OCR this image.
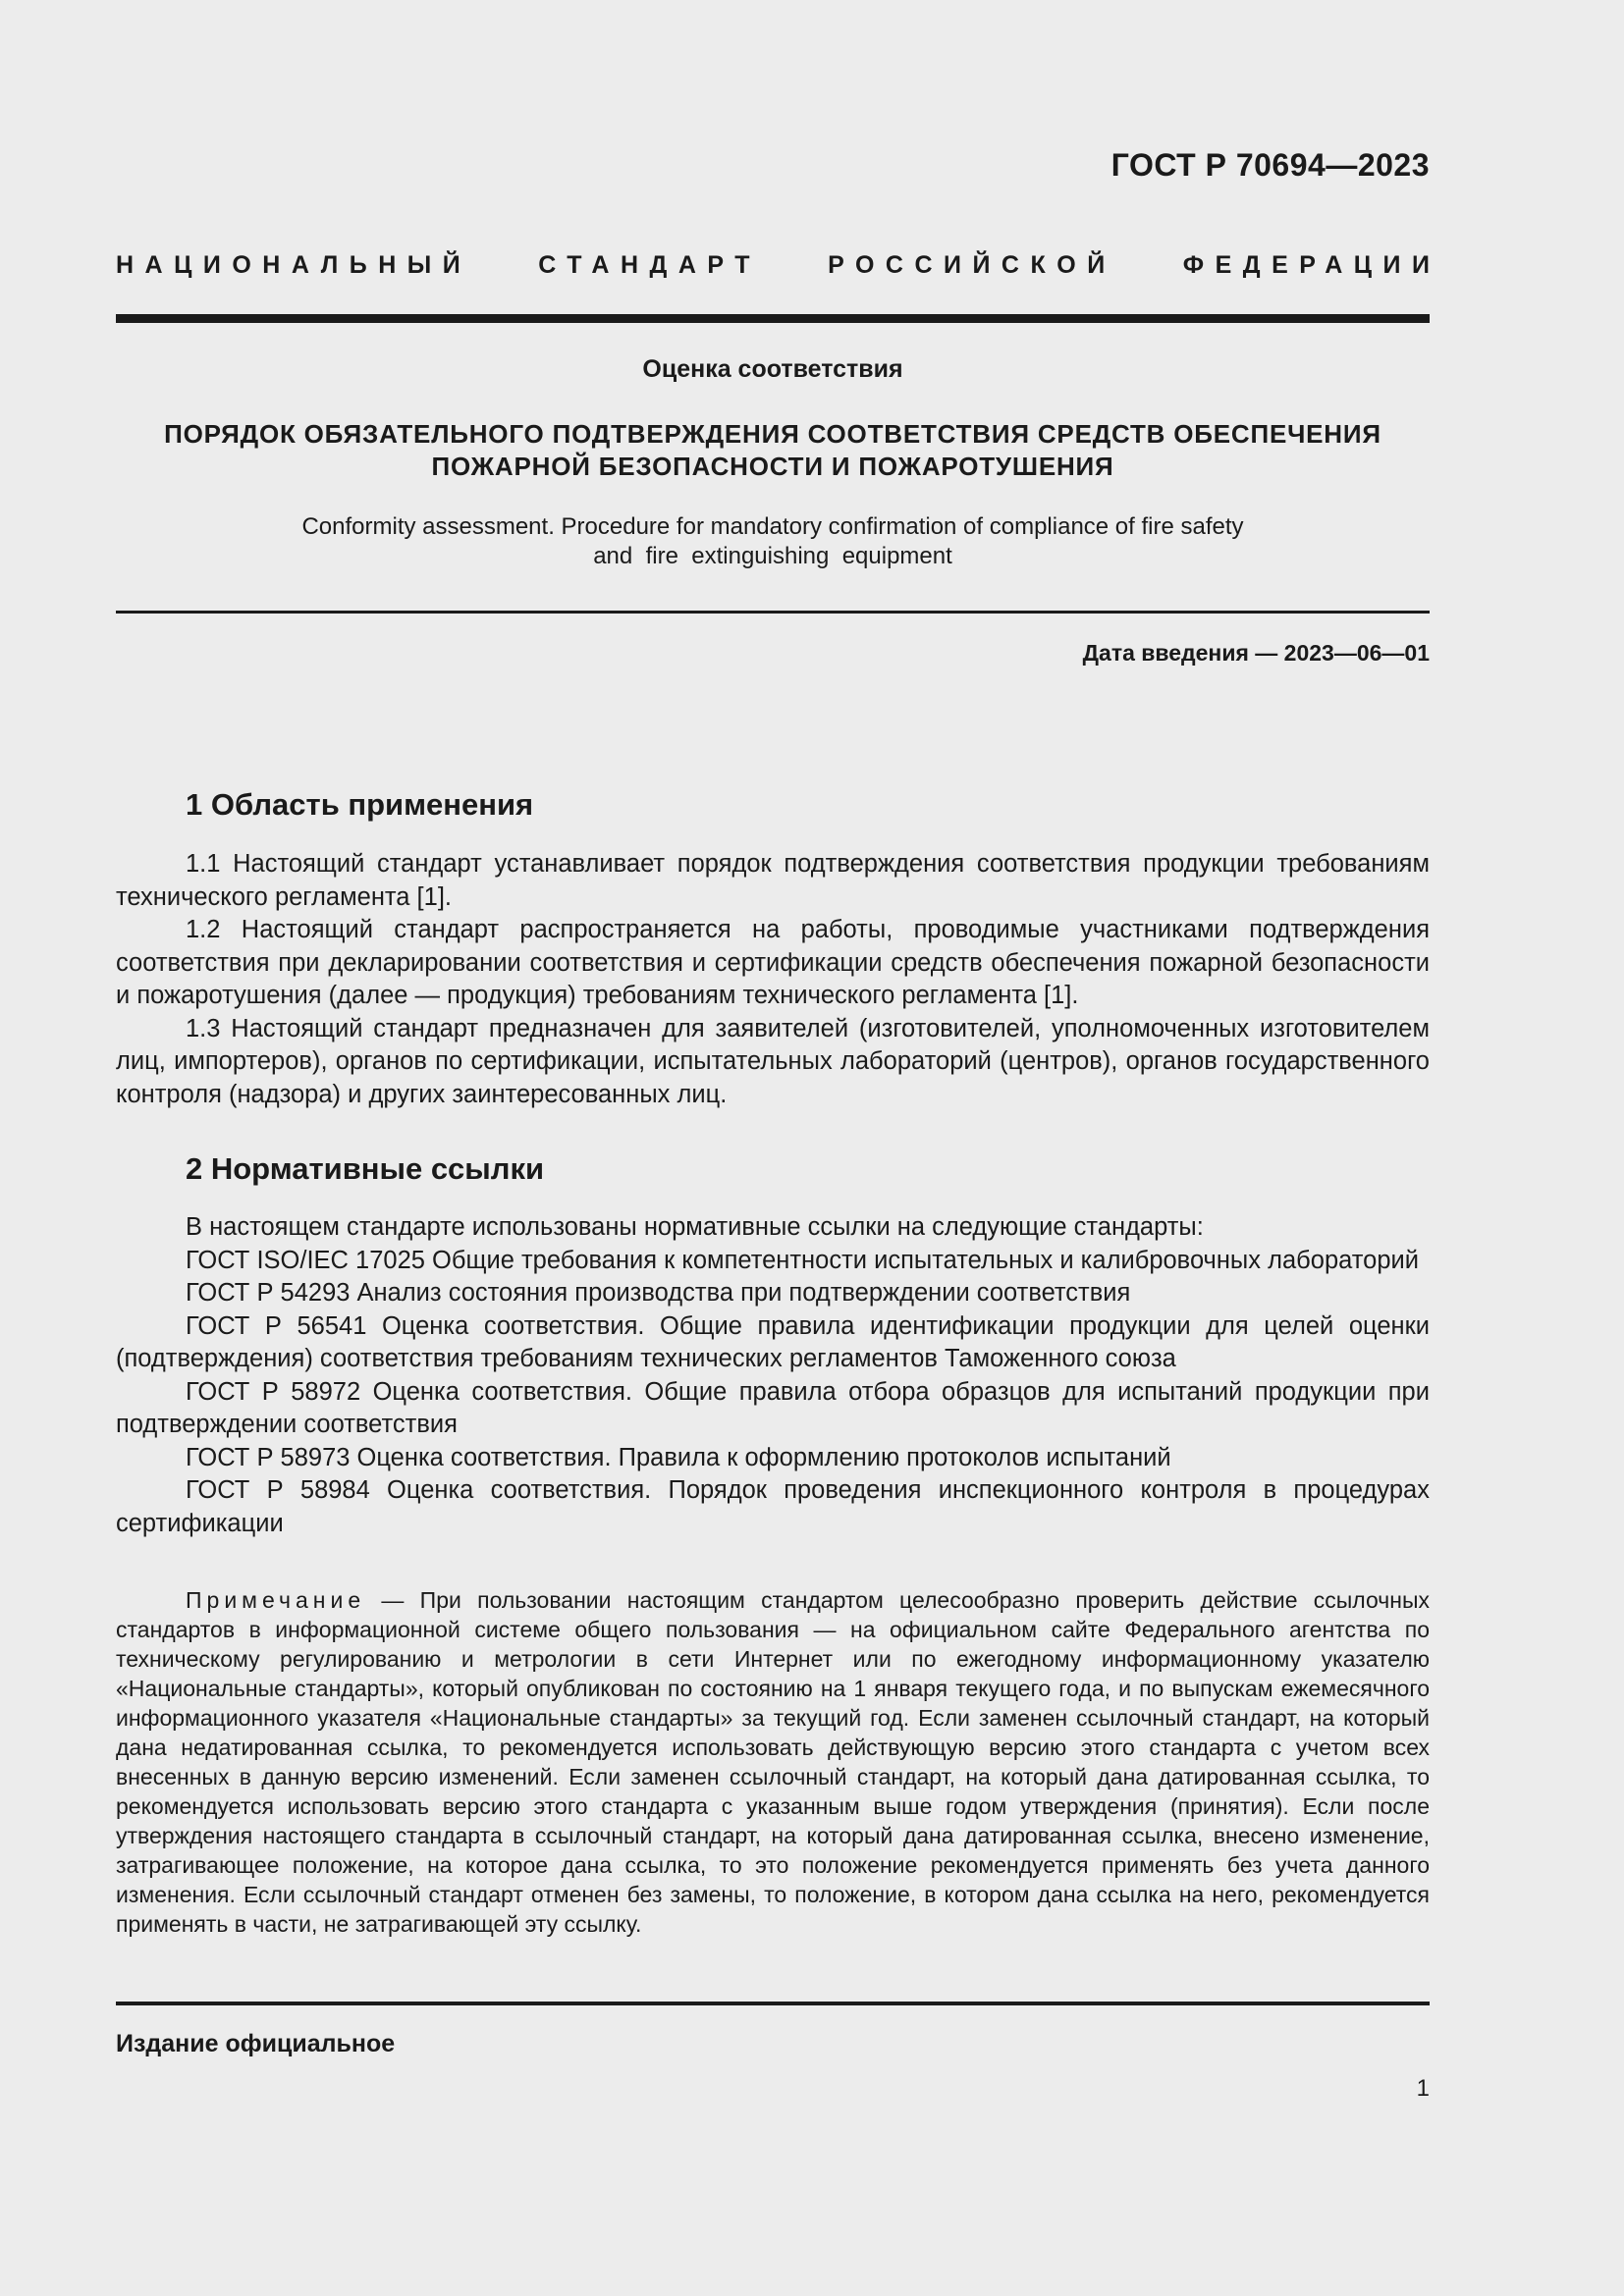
ГОСТ Р 70694—2023
НАЦИОНАЛЬНЫЙ	СТАНДАРТ	РОССИЙСКОЙ	ФЕДЕРАЦИИ
Оценка соответствия
ПОРЯДОК ОБЯЗАТЕЛЬНОГО ПОДТВЕРЖДЕНИЯ СООТВЕТСТВИЯ СРЕДСТВ ОБЕСПЕЧЕНИЯ
ПОЖАРНОЙ БЕЗОПАСНОСТИ И ПОЖАРОТУШЕНИЯ
Conformity assessment. Procedure for mandatory confirmation of compliance of fire safety
and  fire  extinguishing  equipment
Дата введения — 2023—06—01
1 Область применения

1.1 Настоящий стандарт устанавливает порядок подтверждения соответствия продукции требованиям технического регламента [1].

1.2 Настоящий стандарт распространяется на работы, проводимые участниками подтверждения соответствия при декларировании соответствия и сертификации средств обеспечения пожарной безопасности и пожаротушения (далее — продукция) требованиям технического регламента [1].

1.3 Настоящий стандарт предназначен для заявителей (изготовителей, уполномоченных изготовителем лиц, импортеров), органов по сертификации, испытательных лабораторий (центров), органов государственного контроля (надзора) и других заинтересованных лиц.

2 Нормативные ссылки

В настоящем стандарте использованы нормативные ссылки на следующие стандарты:

ГОСТ ISO/IEC 17025 Общие требования к компетентности испытательных и калибровочных лабораторий

ГОСТ Р 54293 Анализ состояния производства при подтверждении соответствия

ГОСТ Р 56541 Оценка соответствия. Общие правила идентификации продукции для целей оценки (подтверждения) соответствия требованиям технических регламентов Таможенного союза

ГОСТ Р 58972 Оценка соответствия. Общие правила отбора образцов для испытаний продукции при подтверждении соответствия

ГОСТ Р 58973 Оценка соответствия. Правила к оформлению протоколов испытаний

ГОСТ Р 58984 Оценка соответствия. Порядок проведения инспекционного контроля в процедурах сертификации

Примечание — При пользовании настоящим стандартом целесообразно проверить действие ссылочных стандартов в информационной системе общего пользования — на официальном сайте Федерального агентства по техническому регулированию и метрологии в сети Интернет или по ежегодному информационному указателю «Национальные стандарты», который опубликован по состоянию на 1 января текущего года, и по выпускам ежемесячного информационного указателя «Национальные стандарты» за текущий год. Если заменен ссылочный стандарт, на который дана недатированная ссылка, то рекомендуется использовать действующую версию этого стандарта с учетом всех внесенных в данную версию изменений. Если заменен ссылочный стандарт, на который дана датированная ссылка, то рекомендуется использовать версию этого стандарта с указанным выше годом утверждения (принятия). Если после утверждения настоящего стандарта в ссылочный стандарт, на который дана датированная ссылка, внесено изменение, затрагивающее положение, на которое дана ссылка, то это положение рекомендуется применять без учета данного изменения. Если ссылочный стандарт отменен без замены, то положение, в котором дана ссылка на него, рекомендуется применять в части, не затрагивающей эту ссылку.
Издание официальное
1
